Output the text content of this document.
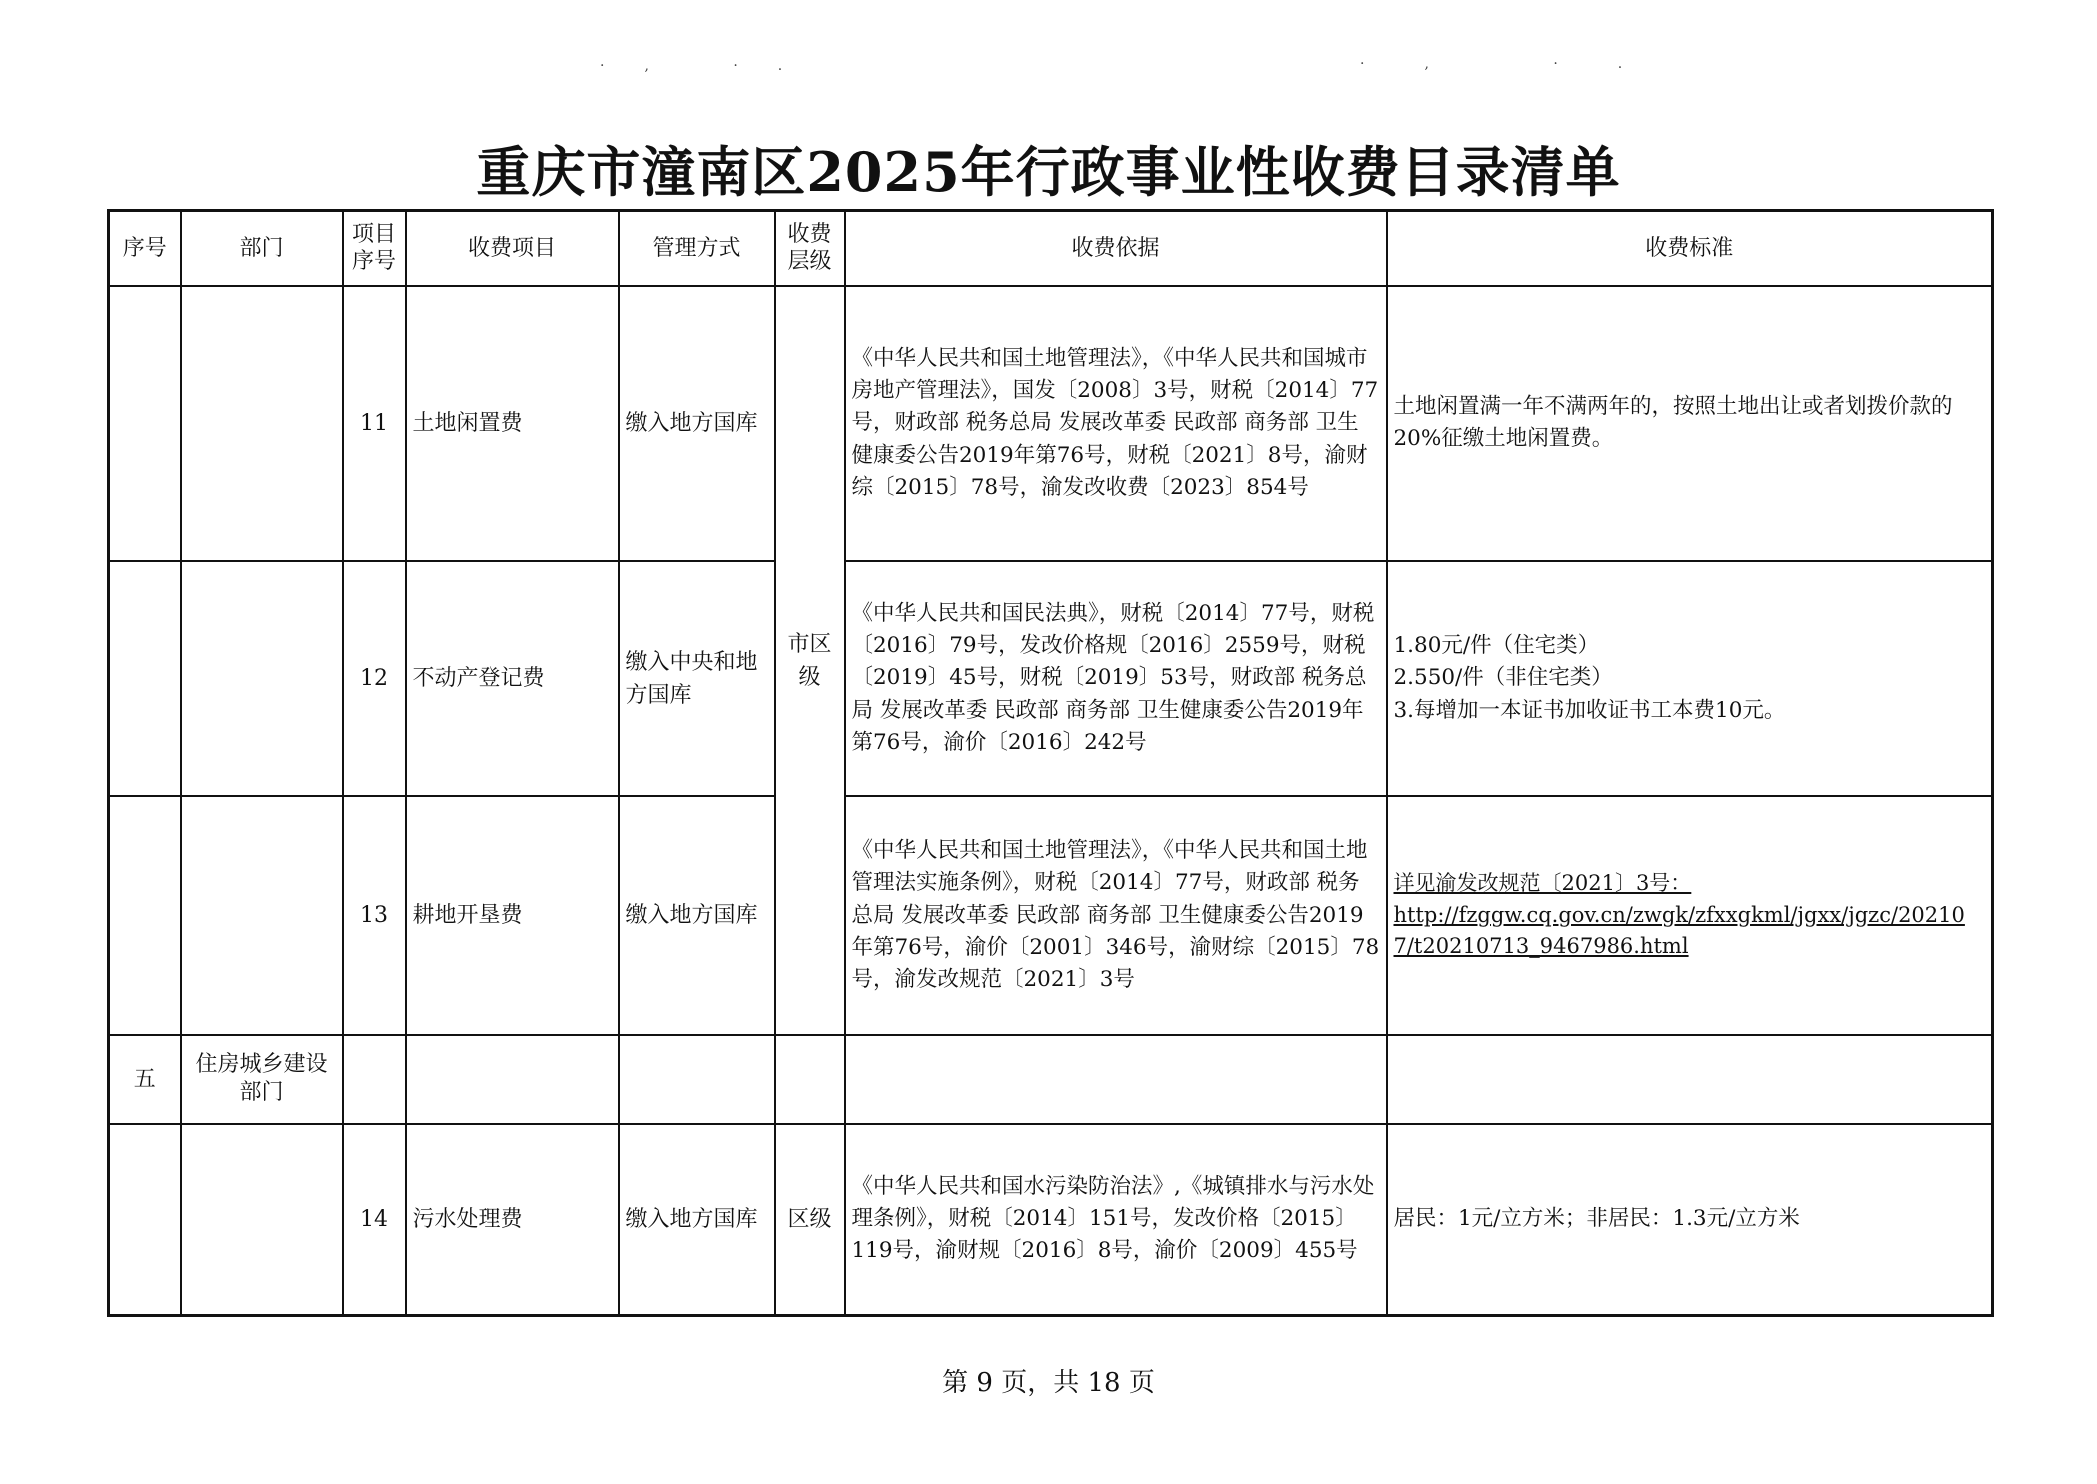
·, ·.	·, ·.
重庆市潼南区2025年行政事业性收费目录清单
序号	部门	项目序号	收费项目	管理方式	收费层级	收费依据	收费标准
		11	土地闲置费	缴入地方国库	市区级	《中华人民共和国土地管理法》，《中华人民共和国城市房地产管理法》，国发〔2008〕3号，财税〔2014〕77号，财政部 税务总局 发展改革委 民政部 商务部 卫生健康委公告2019年第76号，财税〔2021〕8号，渝财综〔2015〕78号，渝发改收费〔2023〕854号	土地闲置满一年不满两年的，按照土地出让或者划拨价款的20%征缴土地闲置费。
		12	不动产登记费	缴入中央和地方国库		《中华人民共和国民法典》，财税〔2014〕77号，财税〔2016〕79号，发改价格规〔2016〕2559号，财税〔2019〕45号，财税〔2019〕53号，财政部 税务总局 发展改革委 民政部 商务部 卫生健康委公告2019年第76号，渝价〔2016〕242号	1.80元/件（住宅类）
2.550/件（非住宅类）
3.每增加一本证书加收证书工本费10元。

		13	耕地开垦费	缴入地方国库		《中华人民共和国土地管理法》，《中华人民共和国土地管理法实施条例》，财税〔2014〕77号，财政部 税务总局 发展改革委 民政部 商务部 卫生健康委公告2019年第76号，渝价〔2001〕346号，渝财综〔2015〕78号，渝发改规范〔2021〕3号	详见渝发改规范〔2021〕3号：
http://fzggw.cq.gov.cn/zwgk/zfxxgkml/jgxx/jgzc/202107/t20210713_9467986.html

五	住房城乡建设部门						
		14	污水处理费	缴入地方国库	区级	《中华人民共和国水污染防治法》,《城镇排水与污水处理条例》，财税〔2014〕151号，发改价格〔2015〕119号，渝财规〔2016〕8号，渝价〔2009〕455号	居民：1元/立方米；非居民：1.3元/立方米
第 9 页，共 18 页
